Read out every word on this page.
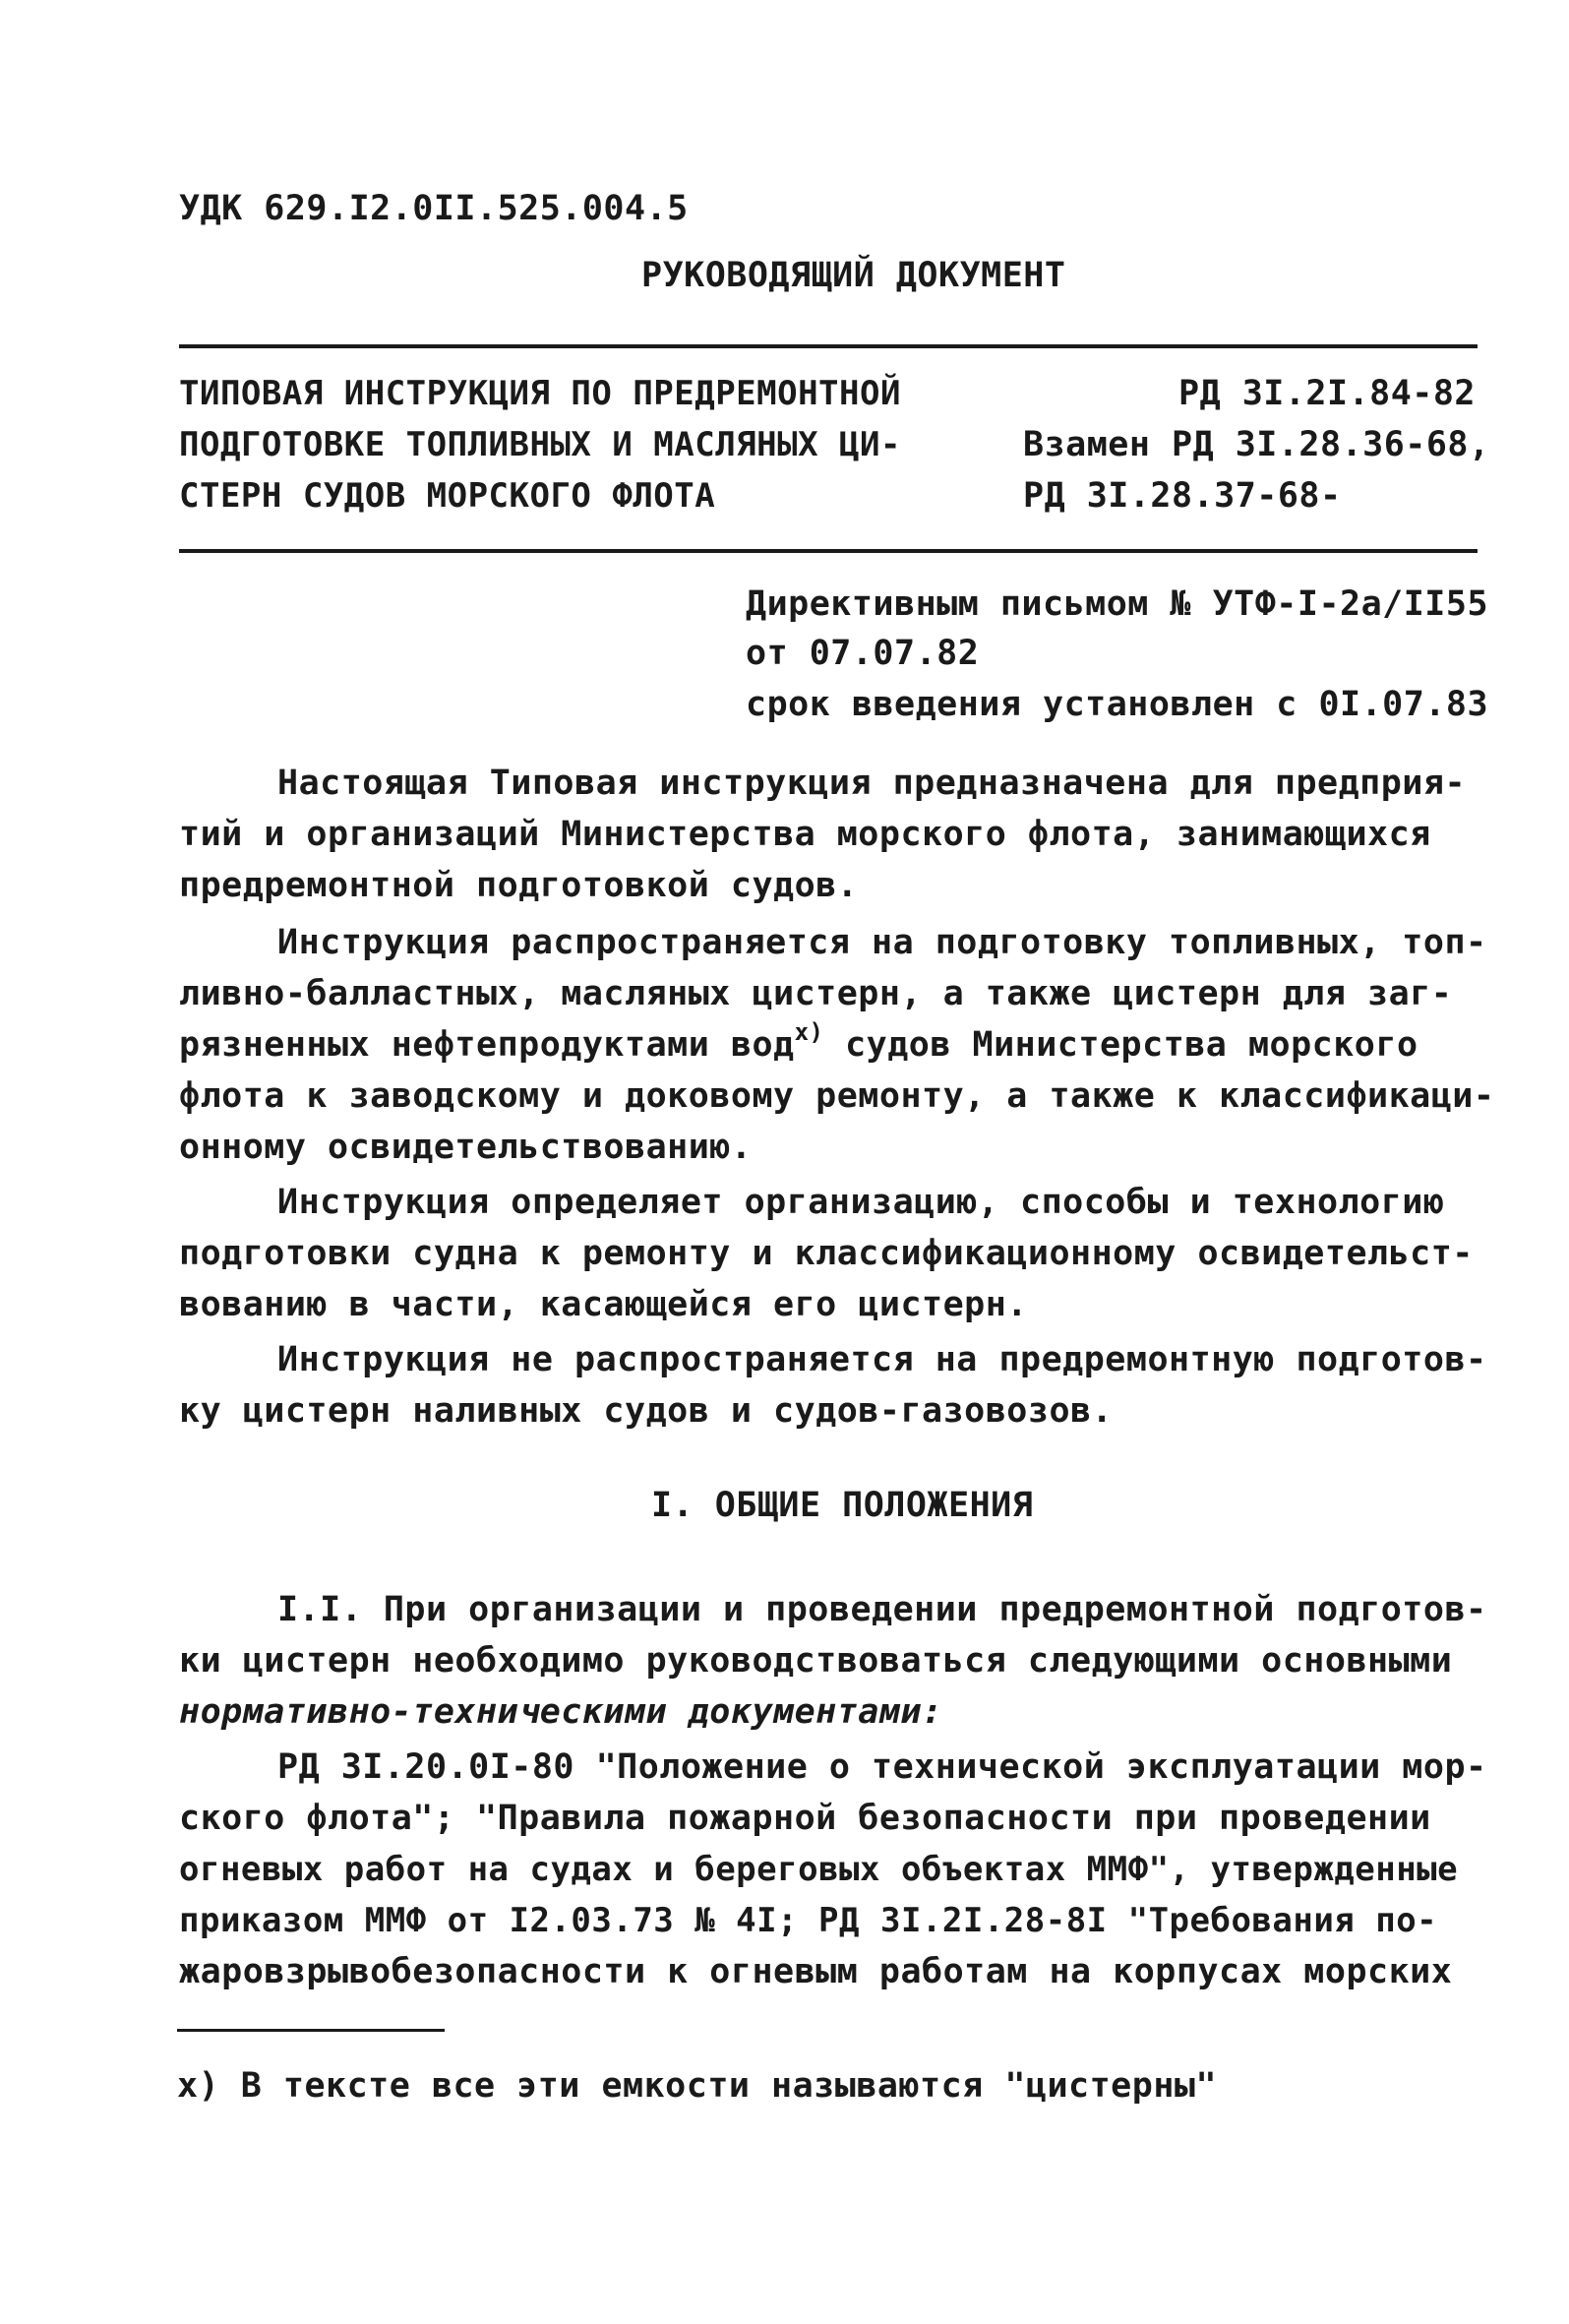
УДК 629.I2.0II.525.004.5
РУКОВОДЯЩИЙ ДОКУМЕНТ
ТИПОВАЯ ИНСТРУКЦИЯ ПО ПРЕДРЕМОНТНОЙ
ПОДГОТОВКЕ ТОПЛИВНЫХ И МАСЛЯНЫХ ЦИ-
СТЕРН СУДОВ МОРСКОГО ФЛОТА
РД 3I.2I.84-82
Взамен РД 3I.28.36-68,
РД 3I.28.37-68-
Директивным письмом № УТФ-I-2а/II55
от 07.07.82
срок введения установлен с 0I.07.83
Настоящая Типовая инструкция предназначена для предприя-
тий и организаций Министерства морского флота, занимающихся
предремонтной подготовкой судов.
Инструкция распространяется на подготовку топливных, топ-
ливно-балластных, масляных цистерн, а также цистерн для заг-
рязненных нефтепродуктами вод$^{х)}$ судов Министерства морского
флота к заводскому и доковому ремонту, а также к классификаци-
онному освидетельствованию.
Инструкция определяет организацию, способы и технологию
подготовки судна к ремонту и классификационному освидетельст-
вованию в части, касающейся его цистерн.
Инструкция не распространяется на предремонтную подготов-
ку цистерн наливных судов и судов-газовозов.
I. ОБЩИЕ ПОЛОЖЕНИЯ
I.I. При организации и проведении предремонтной подготов-
ки цистерн необходимо руководствоваться следующими основными
нормативно-техническими документами:
РД 3I.20.0I-80 "Положение о технической эксплуатации мор-
ского флота"; "Правила пожарной безопасности при проведении
огневых работ на судах и береговых объектах ММФ", утвержденные
приказом ММФ от I2.03.73 № 4I; РД 3I.2I.28-8I "Требования по-
жаровзрывобезопасности к огневым работам на корпусах морских
х) В тексте все эти емкости называются "цистерны"
